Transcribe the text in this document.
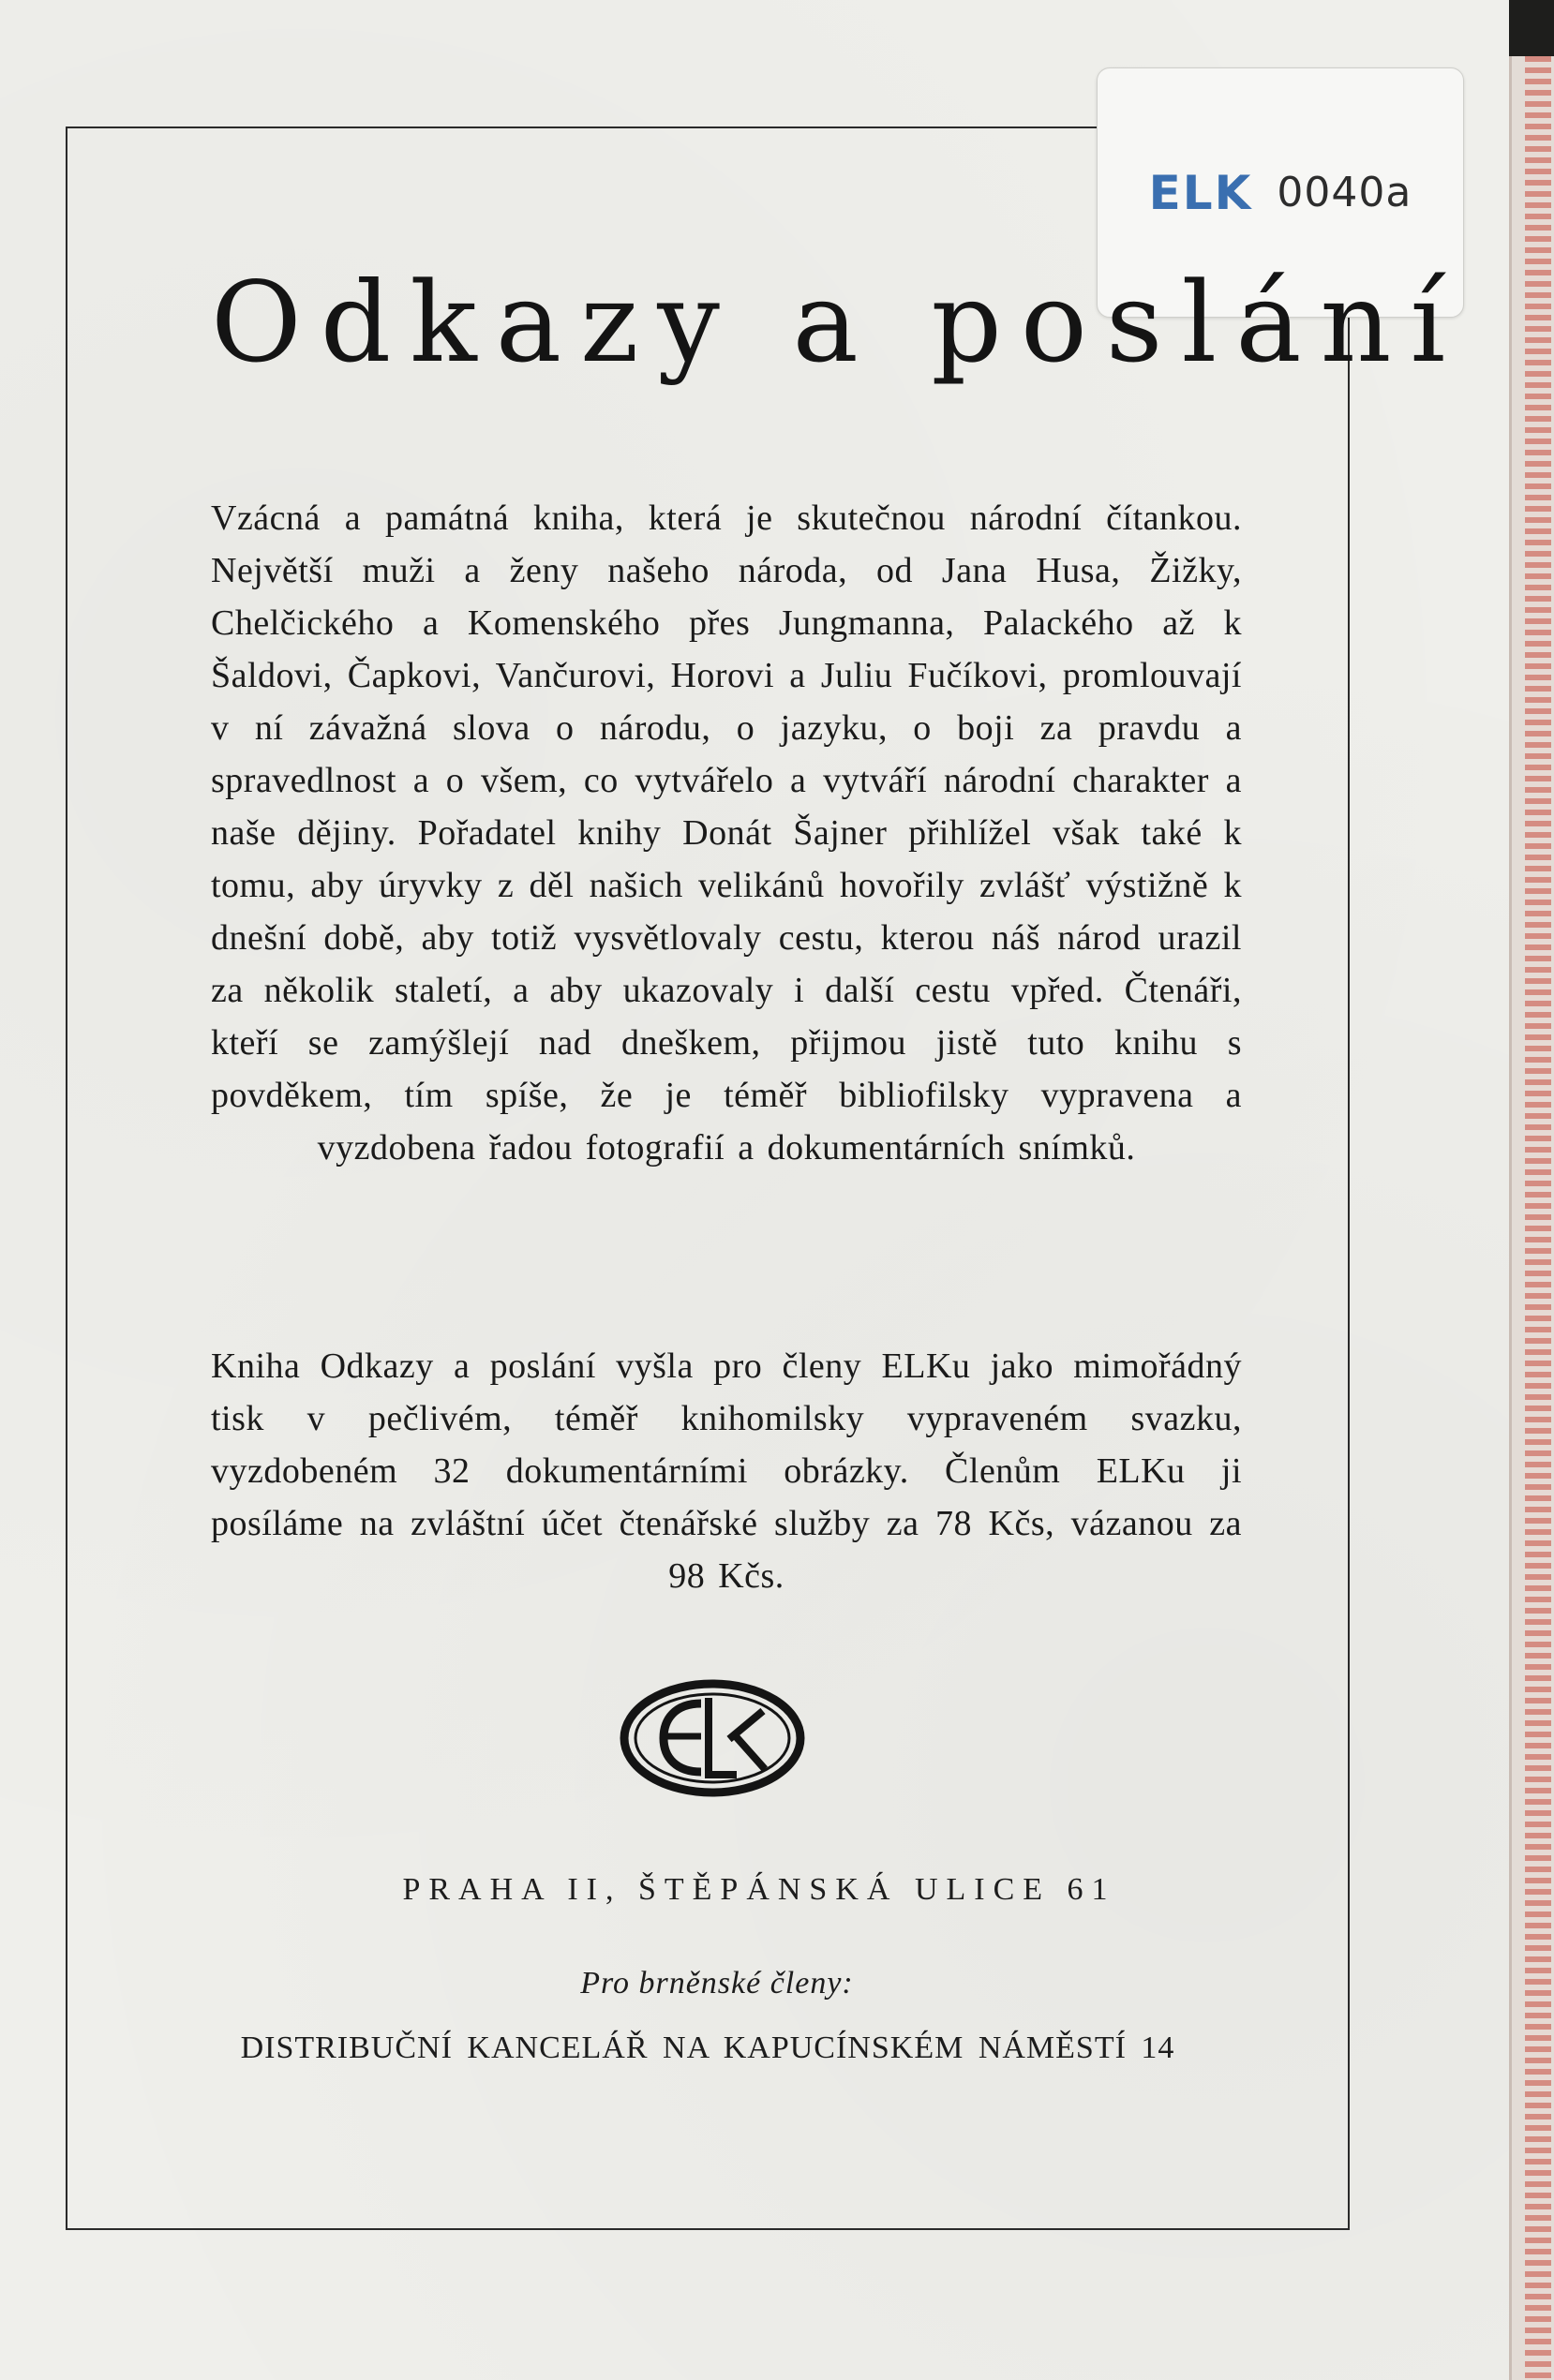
ELK 0040a
Odkazy a poslání

Vzácná a památná kniha, která je skutečnou národní čítankou. Největší muži a ženy našeho národa, od Jana Husa, Žižky, Chelčického a Komenského přes Jungmanna, Palackého až k Šaldovi, Čapkovi, Vančurovi, Horovi a Juliu Fučíkovi, promlouvají v ní závažná slova o národu, o jazyku, o boji za pravdu a spravedlnost a o všem, co vytvářelo a vytváří národní charakter a naše dějiny. Pořadatel knihy Donát Šajner přihlížel však také k tomu, aby úryvky z děl našich velikánů hovořily zvlášť výstižně k dnešní době, aby totiž vysvětlovaly cestu, kterou náš národ urazil za několik staletí, a aby ukazovaly i další cestu vpřed. Čtenáři, kteří se zamýšlejí nad dneškem, přijmou jistě tuto knihu s povděkem, tím spíše, že je téměř bibliofilsky vypravena a vyzdobena řadou fotografií a dokumentárních snímků.

Kniha Odkazy a poslání vyšla pro členy ELKu jako mimořádný tisk v pečlivém, téměř knihomilsky vypraveném svazku, vyzdobeném 32 dokumentárními obrázky. Členům ELKu ji posíláme na zvláštní účet čtenářské služby za 78 Kčs, vázanou za 98 Kčs.

PRAHA II, ŠTĚPÁNSKÁ ULICE 61
Pro brněnské členy:
DISTRIBUČNÍ KANCELÁŘ NA KAPUCÍNSKÉM NÁMĚSTÍ 14
